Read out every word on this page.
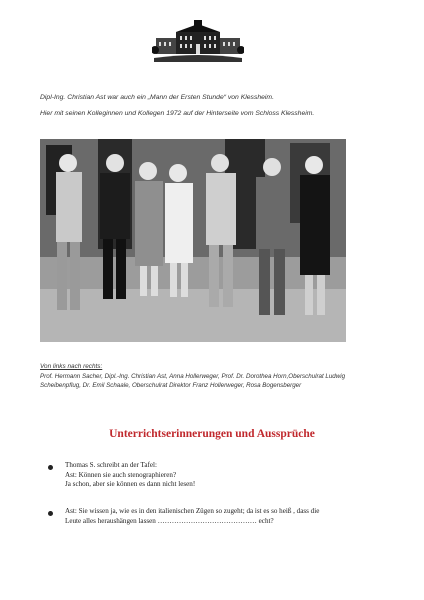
Dipl-Ing. Christian Ast war auch ein „Mann der Ersten Stunde“ von Klessheim.
Hier mit seinen Kolleginnen und Kollegen 1972 auf der Hinterseite vom Schloss Klessheim.
Von links nach rechts:
Prof. Hermann Sacher, Dipl.-Ing. Christian Ast, Anna Hollerweger, Prof. Dr. Dorothea Horn,Oberschulrat Ludwig Scheibenpflug, Dr. Emil Schaale, Oberschulrat Direktor Franz Hollerweger, Rosa Bogensberger
Unterrichtserinnerungen und Aussprüche
Thomas S. schreibt an der Tafel:
Ast: Können sie auch stenographieren?
Ja schon, aber sie können es dann nicht lesen!
Ast: Sie wissen ja, wie es in den italienischen Zügen so zugeht; da ist es so heiß , dass die
Leute alles heraushängen lassen …………………………………… echt?
